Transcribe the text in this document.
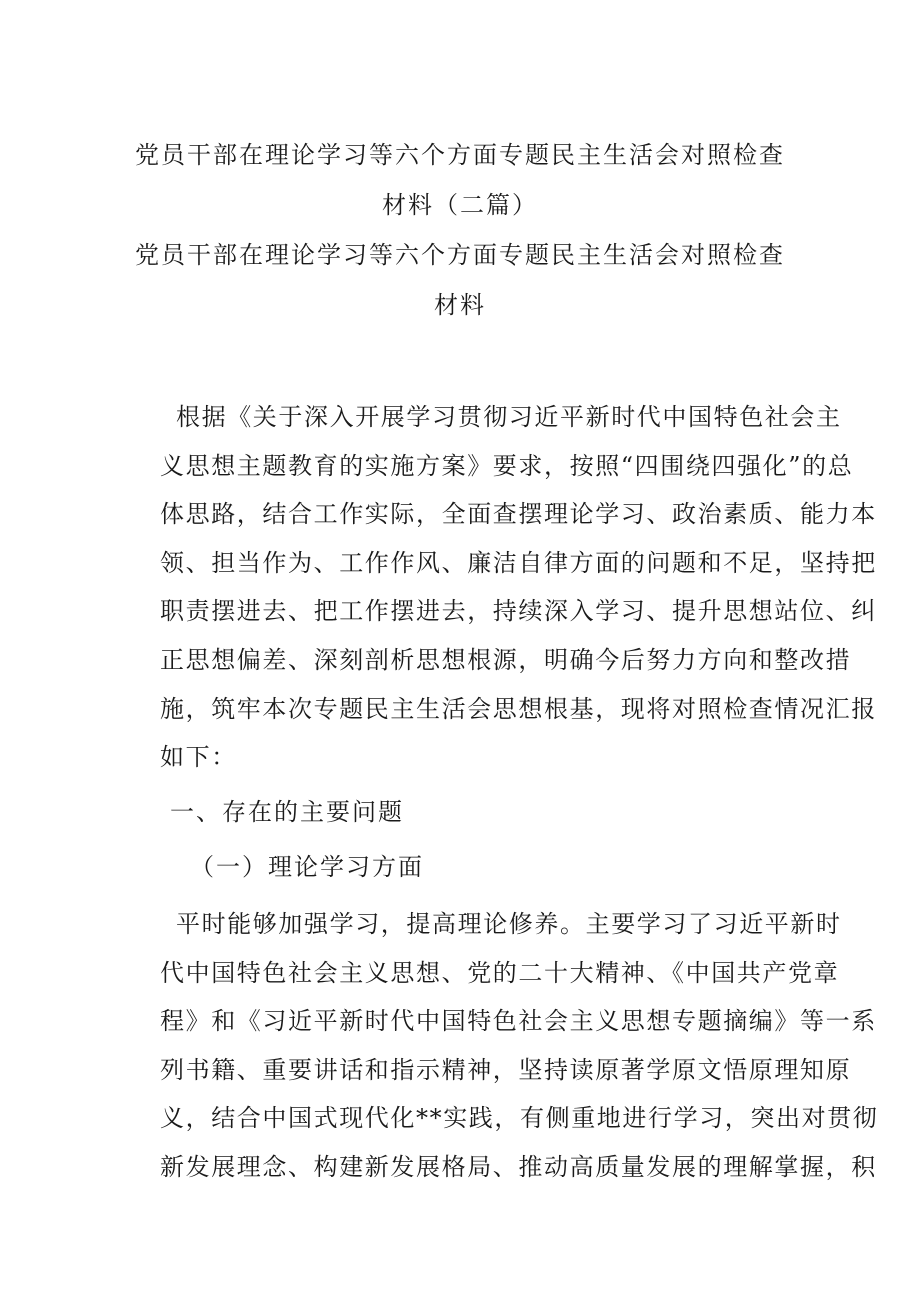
党员干部在理论学习等六个方面专题民主生活会对照检查
材料（二篇）
党员干部在理论学习等六个方面专题民主生活会对照检查
材料
根据《关于深入开展学习贯彻习近平新时代中国特色社会主
义思想主题教育的实施方案》要求，按照“四围绕四强化”的总
体思路，结合工作实际，全面查摆理论学习、政治素质、能力本
领、担当作为、工作作风、廉洁自律方面的问题和不足，坚持把
职责摆进去、把工作摆进去，持续深入学习、提升思想站位、纠
正思想偏差、深刻剖析思想根源，明确今后努力方向和整改措
施，筑牢本次专题民主生活会思想根基，现将对照检查情况汇报
如下：
一、存在的主要问题
（一）理论学习方面
平时能够加强学习，提高理论修养。主要学习了习近平新时
代中国特色社会主义思想、党的二十大精神、《中国共产党章
程》和《习近平新时代中国特色社会主义思想专题摘编》等一系
列书籍、重要讲话和指示精神，坚持读原著学原文悟原理知原
义，结合中国式现代化**实践，有侧重地进行学习，突出对贯彻
新发展理念、构建新发展格局、推动高质量发展的理解掌握，积
